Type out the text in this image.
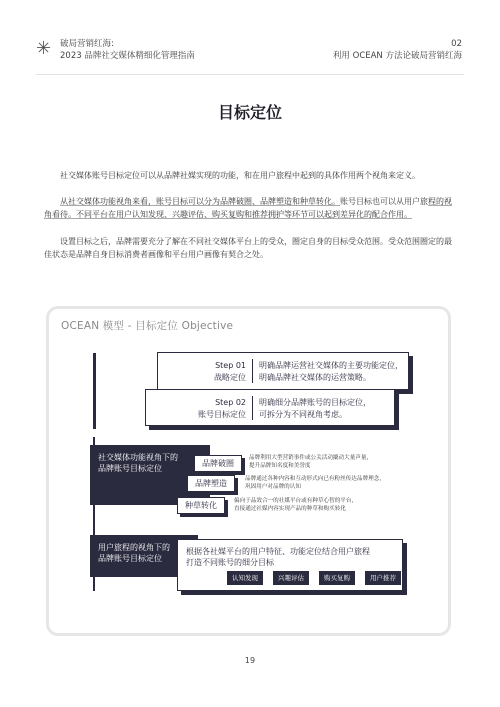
✳ 破局营销红海:
2023 品牌社交媒体精细化管理指南
02
利用 OCEAN 方法论破局营销红海
目标定位
社交媒体账号目标定位可以从品牌社媒实现的功能，和在用户旅程中起到的具体作用两个视角来定义。
从社交媒体功能视角来看，账号目标可以分为品牌破圈、品牌塑造和种草转化。账号目标也可以从用户旅程的视角看待。不同平台在用户认知发现、兴趣评估、购买复购和推荐拥护等环节可以起到差异化的配合作用。
设置目标之后，品牌需要充分了解在不同社交媒体平台上的受众，圈定自身的目标受众范围。受众范围圈定的最佳状态是品牌自身目标消费者画像和平台用户画像有契合之处。
OCEAN 模型 - 目标定位 Objective
Step 01
战略定位
明确品牌运营社交媒体的主要功能定位，
明确品牌社交媒体的运营策略。
Step 02
账号目标定位
明确细分品牌账号的目标定位，
可拆分为不同视角考虑。
社交媒体功能视角下的
品牌账号目标定位
品牌破圈
品牌利用大型营销事件或公关活动撬动大量声量，
提升品牌知名度和美誉度
品牌塑造	品牌通过各种内容和互动形式向已有粉丝传达品牌理念，
巩固用户对品牌的认知
种草转化	偏向于品效合一的社媒平台或有种草心智的平台，
直接通过社媒内容实现产品的种草和购买转化
用户旅程的视角下的
品牌账号目标定位
根据各社媒平台的用户特征、功能定位结合用户旅程
打造不同账号的细分目标
认知发现	兴趣评估	购买复购	用户推荐
19
